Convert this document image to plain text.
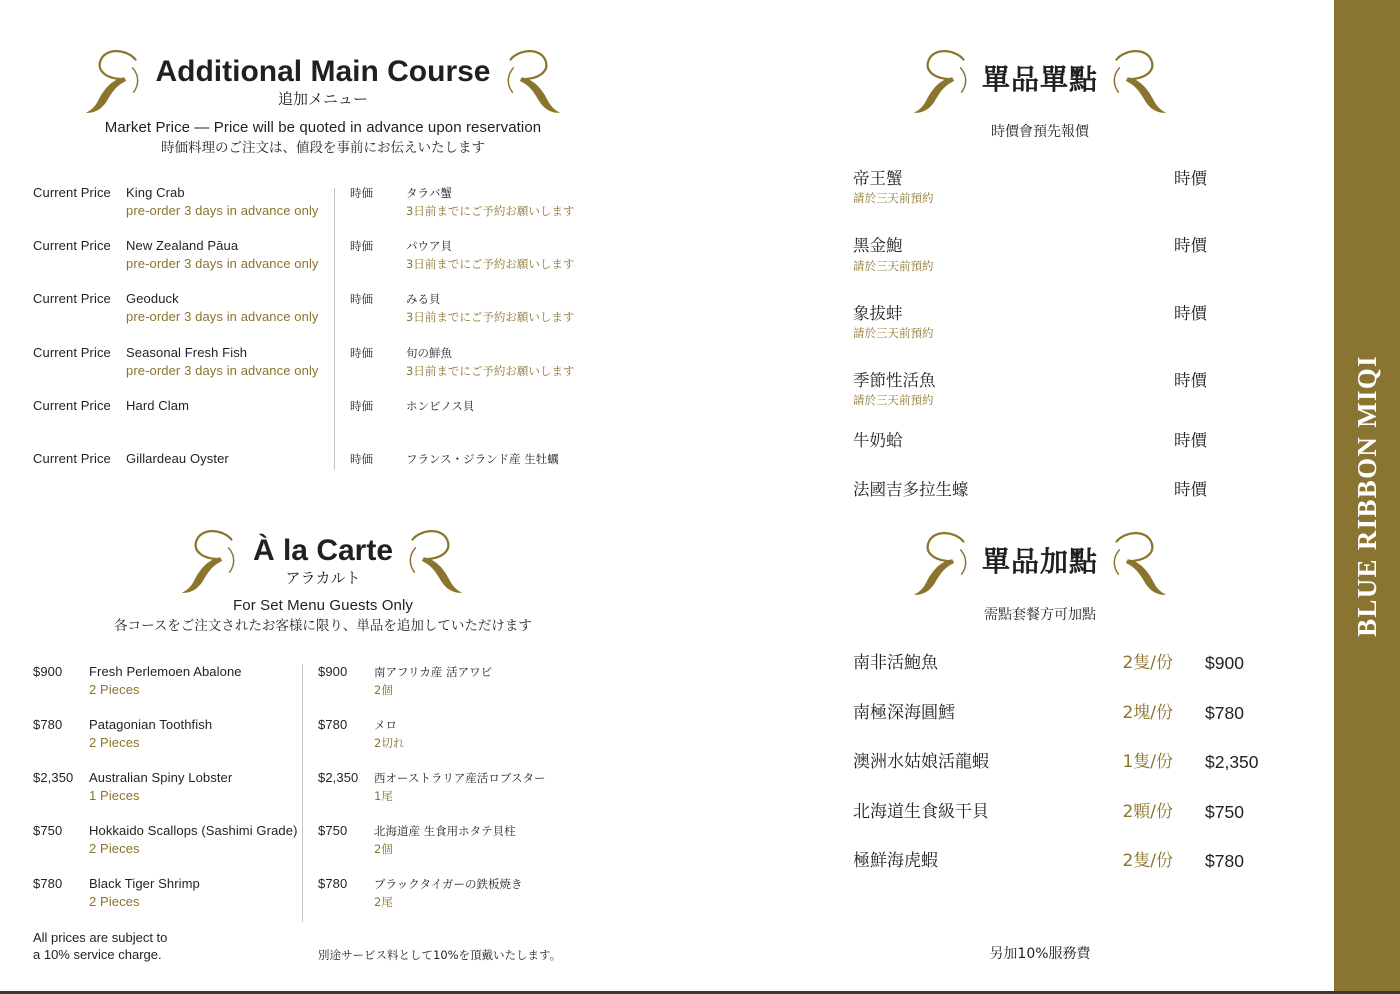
Additional Main Course
追加メニュー
Market Price — Price will be quoted in advance upon reservation
時価料理のご注文は、値段を事前にお伝えいたします
Current Price King Crab
pre-order 3 days in advance only
時価	タラバ蟹
3日前までにご予約お願いします
Current Price New Zealand Pāua
pre-order 3 days in advance only
時価	パウア貝
3日前までにご予約お願いします
Current Price Geoduck
pre-order 3 days in advance only
時価	みる貝
3日前までにご予約お願いします
Current Price Seasonal Fresh Fish
pre-order 3 days in advance only
時価	旬の鮮魚
3日前までにご予約お願いします
Current Price Hard Clam	時価	ホンビノス貝
Current Price Gillardeau Oyster	時価	フランス・ジランド産 生牡蠣
À la Carte
アラカルト
For Set Menu Guests Only
各コースをご注文されたお客様に限り、単品を追加していただけます
$900 Fresh Perlemoen Abalone
2 Pieces
$900 南アフリカ産 活アワビ
2個
$780 Patagonian Toothfish
2 Pieces
$780 メロ
2切れ
$2,350 Australian Spiny Lobster
1 Pieces
$2,350 西オーストラリア産活ロブスター
1尾
$750 Hokkaido Scallops (Sashimi Grade)
2 Pieces
$750 北海道産 生食用ホタテ貝柱
2個
$780 Black Tiger Shrimp
2 Pieces
$780 ブラックタイガーの鉄板焼き
2尾
All prices are subject to
a 10% service charge.	別途サービス料として10%を頂戴いたします。
單品單點
時價會預先報價
帝王蟹
請於三天前預約
時價
黑金鮑
請於三天前預約
時價
象拔蚌
請於三天前預約
時價
季節性活魚
請於三天前預約
時價
牛奶蛤	時價
法國吉多拉生蠔	時價
單品加點
需點套餐方可加點
南非活鮑魚	2隻/份 $900
南極深海圓鱈	2塊/份 $780
澳洲水姑娘活龍蝦	1隻/份 $2,350
北海道生食級干貝	2顆/份 $750
極鮮海虎蝦	2隻/份 $780
另加10%服務費
BLUE RIBBON MIQI
